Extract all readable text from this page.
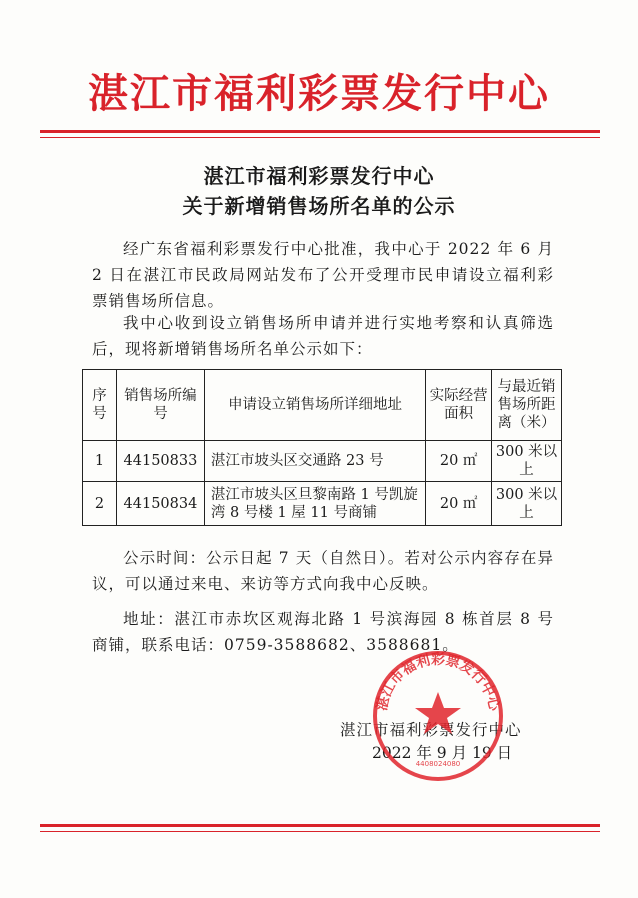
湛江市福利彩票发行中心
湛江市福利彩票发行中心
关于新增销售场所名单的公示

经广东省福利彩票发行中心批准，我中心于 2022 年 6 月 2 日在湛江市民政局网站发布了公开受理市民申请设立福利彩票销售场所信息。

我中心收到设立销售场所申请并进行实地考察和认真筛选后，现将新增销售场所名单公示如下：

序号	销售场所编号	申请设立销售场所详细地址	实际经营面积	与最近销售场所距离（米）
1	44150833	湛江市坡头区交通路 23 号	20 ㎡	300 米以上
2	44150834	湛江市坡头区旦黎南路 1 号凯旋湾 8 号楼 1 屋 11 号商铺	20 ㎡	300 米以上

公示时间：公示日起 7 天（自然日）。若对公示内容存在异议，可以通过来电、来访等方式向我中心反映。

地址：湛江市赤坎区观海北路 1 号滨海园 8 栋首层 8 号商铺，联系电话：0759-3588682、3588681。

湛江市福利彩票发行中心
2022 年 9 月 19 日
湛江市福利彩票发行中心
4408024080
